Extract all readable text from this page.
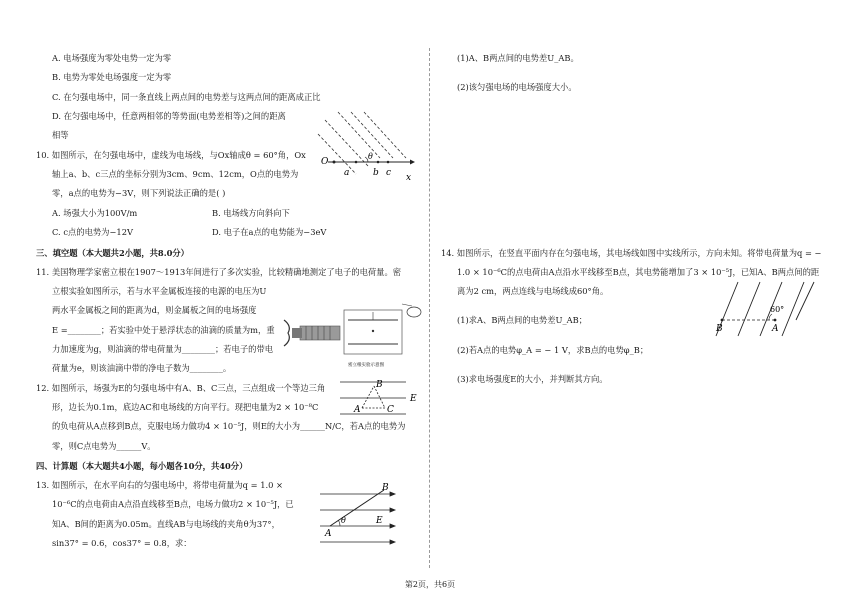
A. 电场强度为零处电势一定为零
B. 电势为零处电场强度一定为零
C. 在匀强电场中，同一条直线上两点间的电势差与这两点间的距离成正比
D. 在匀强电场中，任意两相邻的等势面(电势差相等)之间的距离
相等
10. 如图所示，在匀强电场中，虚线为电场线，与Ox轴成θ = 60°角，Ox
轴上a、b、c三点的坐标分别为3cm、9cm、12cm，O点的电势为
零，a点的电势为−3V，则下列说法正确的是( )
A. 场强大小为100V/m	B. 电场线方向斜向下
C. c点的电势为−12V	D. 电子在a点的电势能为−3eV
O
a	b c x
θ
三、填空题（本大题共2小题，共8.0分）
11. 美国物理学家密立根在1907～1913年间进行了多次实验，比较精确地测定了电子的电荷量。密
立根实验如图所示，若与水平金属板连接的电源的电压为U
两水平金属板之间的距离为d，则金属板之间的电场强度
E =________；若实验中处于悬浮状态的油滴的质量为m，重
力加速度为g，则油滴的带电荷量为________；若电子的带电
荷量为e，则该油滴中带的净电子数为________。	密立根实验示意图
12. 如图所示，场强为E的匀强电场中有A、B、C三点，三点组成一个等边三角
形，边长为0.1m，底边AC和电场线的方向平行。现把电量为2 × 10⁻⁸C
的负电荷从A点移到B点，克服电场力做功4 × 10⁻⁵J，则E的大小为______N/C，若A点的电势为
零，则C点电势为______V。
A
B
C
E
四、计算题（本大题共4小题，每小题各10分，共40分）
13. 如图所示，在水平向右的匀强电场中，将带电荷量为q = 1.0 ×
10⁻⁶C的点电荷由A点沿直线移至B点，电场力做功2 × 10⁻⁵J，已
知A、B间的距离为0.05m。直线AB与电场线的夹角θ为37°，
sin37° = 0.6，cos37° = 0.8，求：
A
B
θ	E
(1)A、B两点间的电势差U_AB。
(2)该匀强电场的电场强度大小。
14. 如图所示，在竖直平面内存在匀强电场，其电场线如图中实线所示，方向未知。将带电荷量为q = −
1.0 × 10⁻⁶C的点电荷由A点沿水平线移至B点，其电势能增加了3 × 10⁻⁵J，已知A、B两点间的距
离为2 cm，两点连线与电场线成60°角。
(1)求A、B两点间的电势差U_AB；
(2)若A点的电势φ_A = − 1 V，求B点的电势φ_B；
(3)求电场强度E的大小，并判断其方向。
B	A
60°
第2页，共6页
